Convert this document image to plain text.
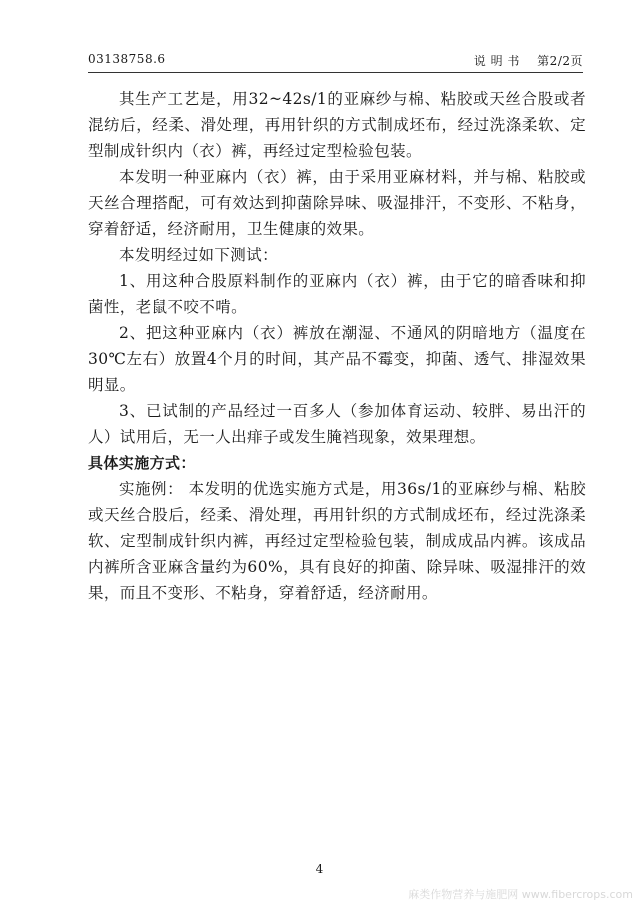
03138758.6	说 明 书    第2/2页

其生产工艺是，用32~42s/1的亚麻纱与棉、粘胶或天丝合股或者混纺后，经柔、滑处理，再用针织的方式制成坯布，经过洗涤柔软、定型制成针织内（衣）裤，再经过定型检验包装。

本发明一种亚麻内（衣）裤，由于采用亚麻材料，并与棉、粘胶或天丝合理搭配，可有效达到抑菌除异味、吸湿排汗，不变形、不粘身，穿着舒适，经济耐用，卫生健康的效果。

本发明经过如下测试：

1、用这种合股原料制作的亚麻内（衣）裤，由于它的暗香味和抑菌性，老鼠不咬不啃。

2、把这种亚麻内（衣）裤放在潮湿、不通风的阴暗地方（温度在30℃左右）放置4个月的时间，其产品不霉变，抑菌、透气、排湿效果明显。

3、已试制的产品经过一百多人（参加体育运动、较胖、易出汗的人）试用后，无一人出痱子或发生腌裆现象，效果理想。

具体实施方式：

实施例： 本发明的优选实施方式是，用36s/1的亚麻纱与棉、粘胶或天丝合股后，经柔、滑处理，再用针织的方式制成坯布，经过洗涤柔软、定型制成针织内裤，再经过定型检验包装，制成成品内裤。该成品内裤所含亚麻含量约为60%，具有良好的抑菌、除异味、吸湿排汗的效果，而且不变形、不粘身，穿着舒适，经济耐用。

4
麻类作物营养与施肥网 www.fibercrops.com
